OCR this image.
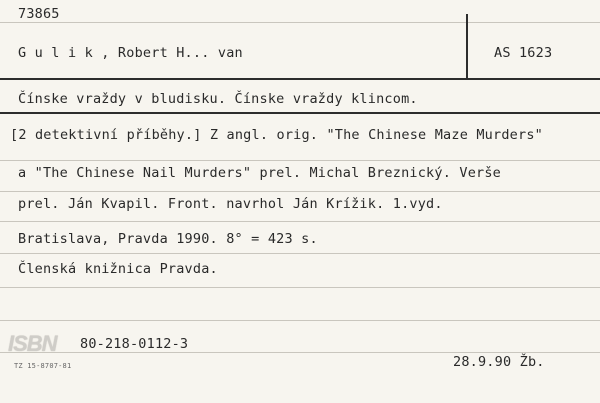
73865
G u l i k , Robert H... van	AS 1623
Čínske vraždy v bludisku. Čínske vraždy klincom.
[2 detektivní příběhy.] Z angl. orig. "The Chinese Maze Murders"
a "The Chinese Nail Murders" prel. Michal Breznický. Verše
prel. Ján Kvapil. Front. navrhol Ján Krížik. 1.vyd.
Bratislava, Pravda 1990. 8° = 423 s.
Členská knižnica Pravda.
ISBN 80-218-0112-3
TZ 15-8707-81	28.9.90 Žb.
